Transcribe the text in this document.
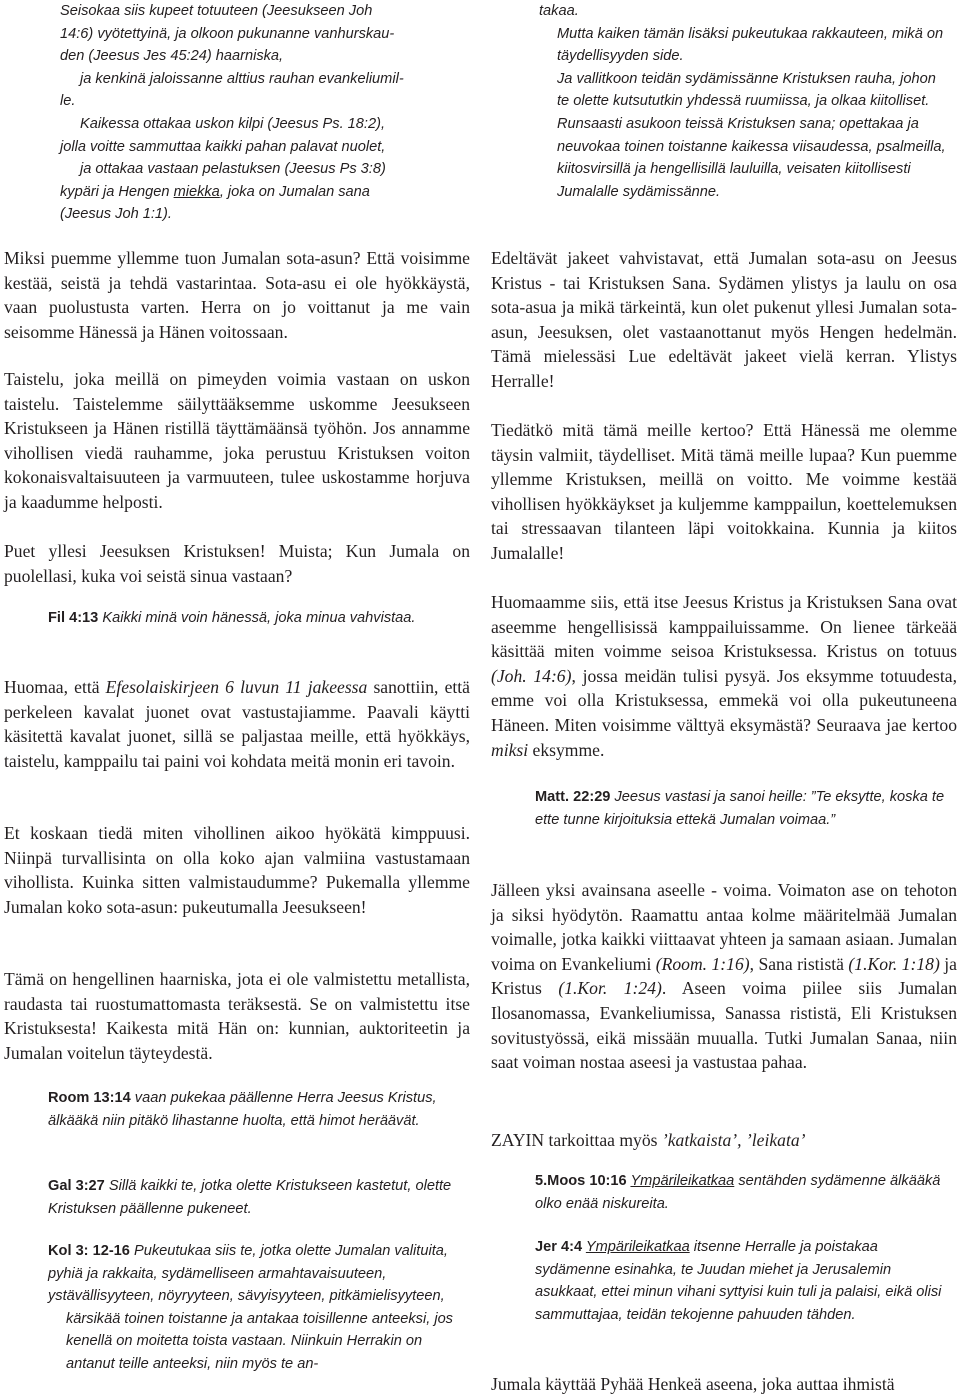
Seisokaa siis kupeet totuuteen (Jeesukseen Joh
14:6) vyötettyinä, ja olkoon pukunanne vanhurskau-
den (Jeesus Jes 45:24) haarniska,
ja kenkinä jaloissanne alttius rauhan evankeliumil-
le.
Kaikessa ottakaa uskon kilpi (Jeesus Ps. 18:2),
jolla voitte sammuttaa kaikki pahan palavat nuolet,
ja ottakaa vastaan pelastuksen (Jeesus Ps 3:8)
kypäri ja Hengen miekka, joka on Jumalan sana
(Jeesus Joh 1:1).

Miksi puemme yllemme tuon Jumalan sota-asun? Että voisimme kestää, seistä ja tehdä vastarintaa. Sota-asu ei ole hyökkäystä, vaan puolustusta varten. Herra on jo voittanut ja me vain seisomme Hänessä ja Hänen voitossaan.

Taistelu, joka meillä on pimeyden voimia vastaan on uskon taistelu. Taistelemme säilyttääksemme uskomme Jeesukseen Kristukseen ja Hänen ristillä täyttämäänsä työhön. Jos annamme vihollisen viedä rauhamme, joka perustuu Kristuksen voiton kokonaisvaltaisuuteen ja varmuuteen, tulee uskostamme horjuva ja kaadumme helposti.

Puet yllesi Jeesuksen Kristuksen! Muista; Kun Jumala on puolellasi, kuka voi seistä sinua vastaan?

Fil 4:13 Kaikki minä voin hänessä, joka minua vahvistaa.

Huomaa, että Efesolaiskirjeen 6 luvun 11 jakeessa sanottiin, että perkeleen kavalat juonet ovat vastustajiamme. Paavali käytti käsitettä kavalat juonet, sillä se paljastaa meille, että hyökkäys, taistelu, kamppailu tai paini voi kohdata meitä monin eri tavoin.

Et koskaan tiedä miten vihollinen aikoo hyökätä kimppuusi. Niinpä turvallisinta on olla koko ajan valmiina vastustamaan vihollista. Kuinka sitten valmistaudumme? Pukemalla yllemme Jumalan koko sota-asun: pukeutumalla Jeesukseen!

Tämä on hengellinen haarniska, jota ei ole valmistettu metallista, raudasta tai ruostumattomasta teräksestä. Se on valmistettu itse Kristuksesta! Kaikesta mitä Hän on: kunnian, auktoriteetin ja Jumalan voitelun täyteydestä.

Room 13:14 vaan pukekaa päällenne Herra Jeesus Kristus, älkääkä niin pitäkö lihastanne huolta, että himot heräävät.

Gal 3:27 Sillä kaikki te, jotka olette Kristukseen kastetut, olette Kristuksen päällenne pukeneet.

Kol 3: 12-16 Pukeutukaa siis te, jotka olette Jumalan valituita, pyhiä ja rakkaita, sydämelliseen armahtavaisuuteen, ystävällisyyteen, nöyryyteen, sävyisyyteen, pitkämielisyyteen,
kärsikää toinen toistanne ja antakaa toisillenne anteeksi, jos kenellä on moitetta toista vastaan. Niinkuin Herrakin on antanut teille anteeksi, niin myös te an-
takaa.
Mutta kaiken tämän lisäksi pukeutukaa rakkauteen, mikä on täydellisyyden side.
Ja vallitkoon teidän sydämissänne Kristuksen rauha, johon te olette kutsututkin yhdessä ruumiissa, ja olkaa kiitolliset.
Runsaasti asukoon teissä Kristuksen sana; opettakaa ja neuvokaa toinen toistanne kaikessa viisaudessa, psalmeilla, kiitosvirsillä ja hengellisillä lauluilla, veisaten kiitollisesti Jumalalle sydämissänne.

Edeltävät jakeet vahvistavat, että Jumalan sota-asu on Jeesus Kristus - tai Kristuksen Sana. Sydämen ylistys ja laulu on osa sota-asua ja mikä tärkeintä, kun olet pukenut yllesi Jumalan sota-asun, Jeesuksen, olet vastaanottanut myös Hengen hedelmän. Tämä mielessäsi Lue edeltävät jakeet vielä kerran. Ylistys Herralle!

Tiedätkö mitä tämä meille kertoo? Että Hänessä me olemme täysin valmiit, täydelliset. Mitä tämä meille lupaa? Kun puemme yllemme Kristuksen, meillä on voitto. Me voimme kestää vihollisen hyökkäykset ja kuljemme kamppailun, koettelemuksen tai stressaavan tilanteen läpi voitokkaina. Kunnia ja kiitos Jumalalle!

Huomaamme siis, että itse Jeesus Kristus ja Kristuksen Sana ovat aseemme hengellisissä kamppailuissamme. On lienee tärkeää käsittää miten voimme seisoa Kristuksessa. Kristus on totuus (Joh. 14:6), jossa meidän tulisi pysyä. Jos eksymme totuudesta, emme voi olla Kristuksessa, emmekä voi olla pukeutuneena Häneen. Miten voisimme välttyä eksymästä? Seuraava jae kertoo miksi eksymme.

Matt. 22:29 Jeesus vastasi ja sanoi heille: ”Te eksytte, koska te ette tunne kirjoituksia ettekä Jumalan voimaa.”

Jälleen yksi avainsana aseelle - voima. Voimaton ase on tehoton ja siksi hyödytön. Raamattu antaa kolme määritelmää Jumalan voimalle, jotka kaikki viittaavat yhteen ja samaan asiaan. Jumalan voima on Evankeliumi (Room. 1:16), Sana rististä (1.Kor. 1:18) ja Kristus (1.Kor. 1:24). Aseen voima piilee siis Jumalan Ilosanomassa, Evankeliumissa, Sanassa rististä, Eli Kristuksen sovitustyössä, eikä missään muualla. Tutki Jumalan Sanaa, niin saat voiman nostaa aseesi ja vastustaa pahaa.

ZAYIN tarkoittaa myös ’katkaista’, ’leikata’

5.Moos 10:16 Ympärileikatkaa sentähden sydämenne älkääkä olko enää niskureita.

Jer 4:4 Ympärileikatkaa itsenne Herralle ja poistakaa sydämenne esinahka, te Juudan miehet ja Jerusalemin asukkaat, ettei minun vihani syttyisi kuin tuli ja palaisi, eikä olisi sammuttajaa, teidän tekojenne pahuuden tähden.

Jumala käyttää Pyhää Henkeä aseena, joka auttaa ihmistä
